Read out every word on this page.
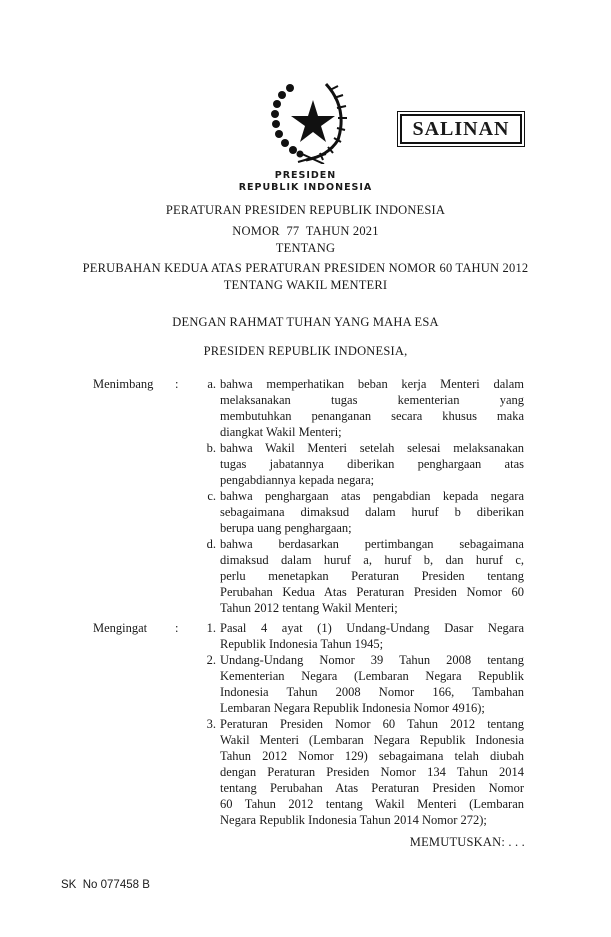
SALINAN
PRESIDEN
REPUBLIK INDONESIA
PERATURAN PRESIDEN REPUBLIK INDONESIA
NOMOR  77  TAHUN 2021
TENTANG
PERUBAHAN KEDUA ATAS PERATURAN PRESIDEN NOMOR 60 TAHUN 2012
TENTANG WAKIL MENTERI
DENGAN RAHMAT TUHAN YANG MAHA ESA
PRESIDEN REPUBLIK INDONESIA,
Menimbang :	a. bahwa memperhatikan beban kerja Menteri dalam
melaksanakan tugas kementerian yang
membutuhkan penanganan secara khusus maka
diangkat Wakil Menteri;
b. bahwa Wakil Menteri setelah selesai melaksanakan
tugas jabatannya diberikan penghargaan atas
pengabdiannya kepada negara;
c. bahwa penghargaan atas pengabdian kepada negara
sebagaimana dimaksud dalam huruf b diberikan
berupa uang penghargaan;
d. bahwa berdasarkan pertimbangan sebagaimana
dimaksud dalam huruf a, huruf b, dan huruf c,
perlu menetapkan Peraturan Presiden tentang
Perubahan Kedua Atas Peraturan Presiden Nomor 60
Tahun 2012 tentang Wakil Menteri;
Mengingat :	1. Pasal 4 ayat (1) Undang-Undang Dasar Negara
Republik Indonesia Tahun 1945;
2. Undang-Undang Nomor 39 Tahun 2008 tentang
Kementerian Negara (Lembaran Negara Republik
Indonesia Tahun 2008 Nomor 166, Tambahan
Lembaran Negara Republik Indonesia Nomor 4916);
3. Peraturan Presiden Nomor 60 Tahun 2012 tentang
Wakil Menteri (Lembaran Negara Republik Indonesia
Tahun 2012 Nomor 129) sebagaimana telah diubah
dengan Peraturan Presiden Nomor 134 Tahun 2014
tentang Perubahan Atas Peraturan Presiden Nomor
60 Tahun 2012 tentang Wakil Menteri (Lembaran
Negara Republik Indonesia Tahun 2014 Nomor 272);
MEMUTUSKAN: . . .
SK  No 077458 B
